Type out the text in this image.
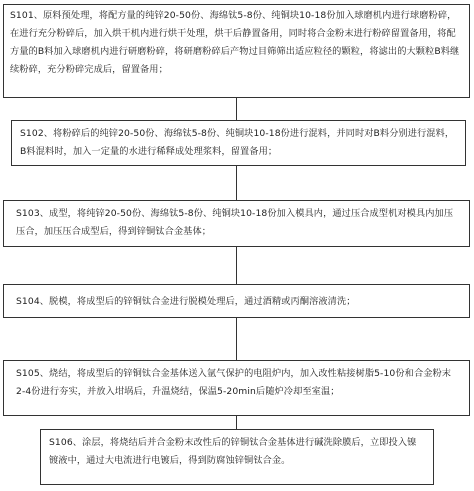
S101、原料预处理，将配方量的纯锌20-50份、海绵钛5-8份、纯铜块10-18份加入球磨机内进行球磨粉碎，在进行充分粉碎后，加入烘干机内进行烘干处理，烘干后静置备用，同时将合金粉末进行粉碎留置备用，将配方量的B料加入球磨机内进行研磨粉碎，将研磨粉碎后产物过目筛筛出适应粒径的颗粒，将滤出的大颗粒B料继续粉碎，充分粉碎完成后，留置备用；
S102、将粉碎后的纯锌20-50份、海绵钛5-8份、纯铜块10-18份进行混料，并同时对B料分别进行混料，B料混料时，加入一定量的水进行稀释成处理浆料，留置备用；
S103、成型，将纯锌20-50份、海绵钛5-8份、纯铜块10-18份加入模具内，通过压合成型机对模具内加压压合，加压压合成型后，得到锌铜钛合金基体；
S104、脱模，将成型后的锌铜钛合金进行脱模处理后，通过酒精或丙酮溶液清洗；
S105、烧结，将成型后的锌铜钛合金基体送入氩气保护的电阻炉内，加入改性粘接树脂5-10份和合金粉末2-4份进行夯实，并放入坩埚后，升温烧结，保温5-20min后随炉冷却至室温；
S106、涂层，将烧结后并合金粉末改性后的锌铜钛合金基体进行碱洗除膜后，立即投入镍镀液中，通过大电流进行电镀后，得到防腐蚀锌铜钛合金。
